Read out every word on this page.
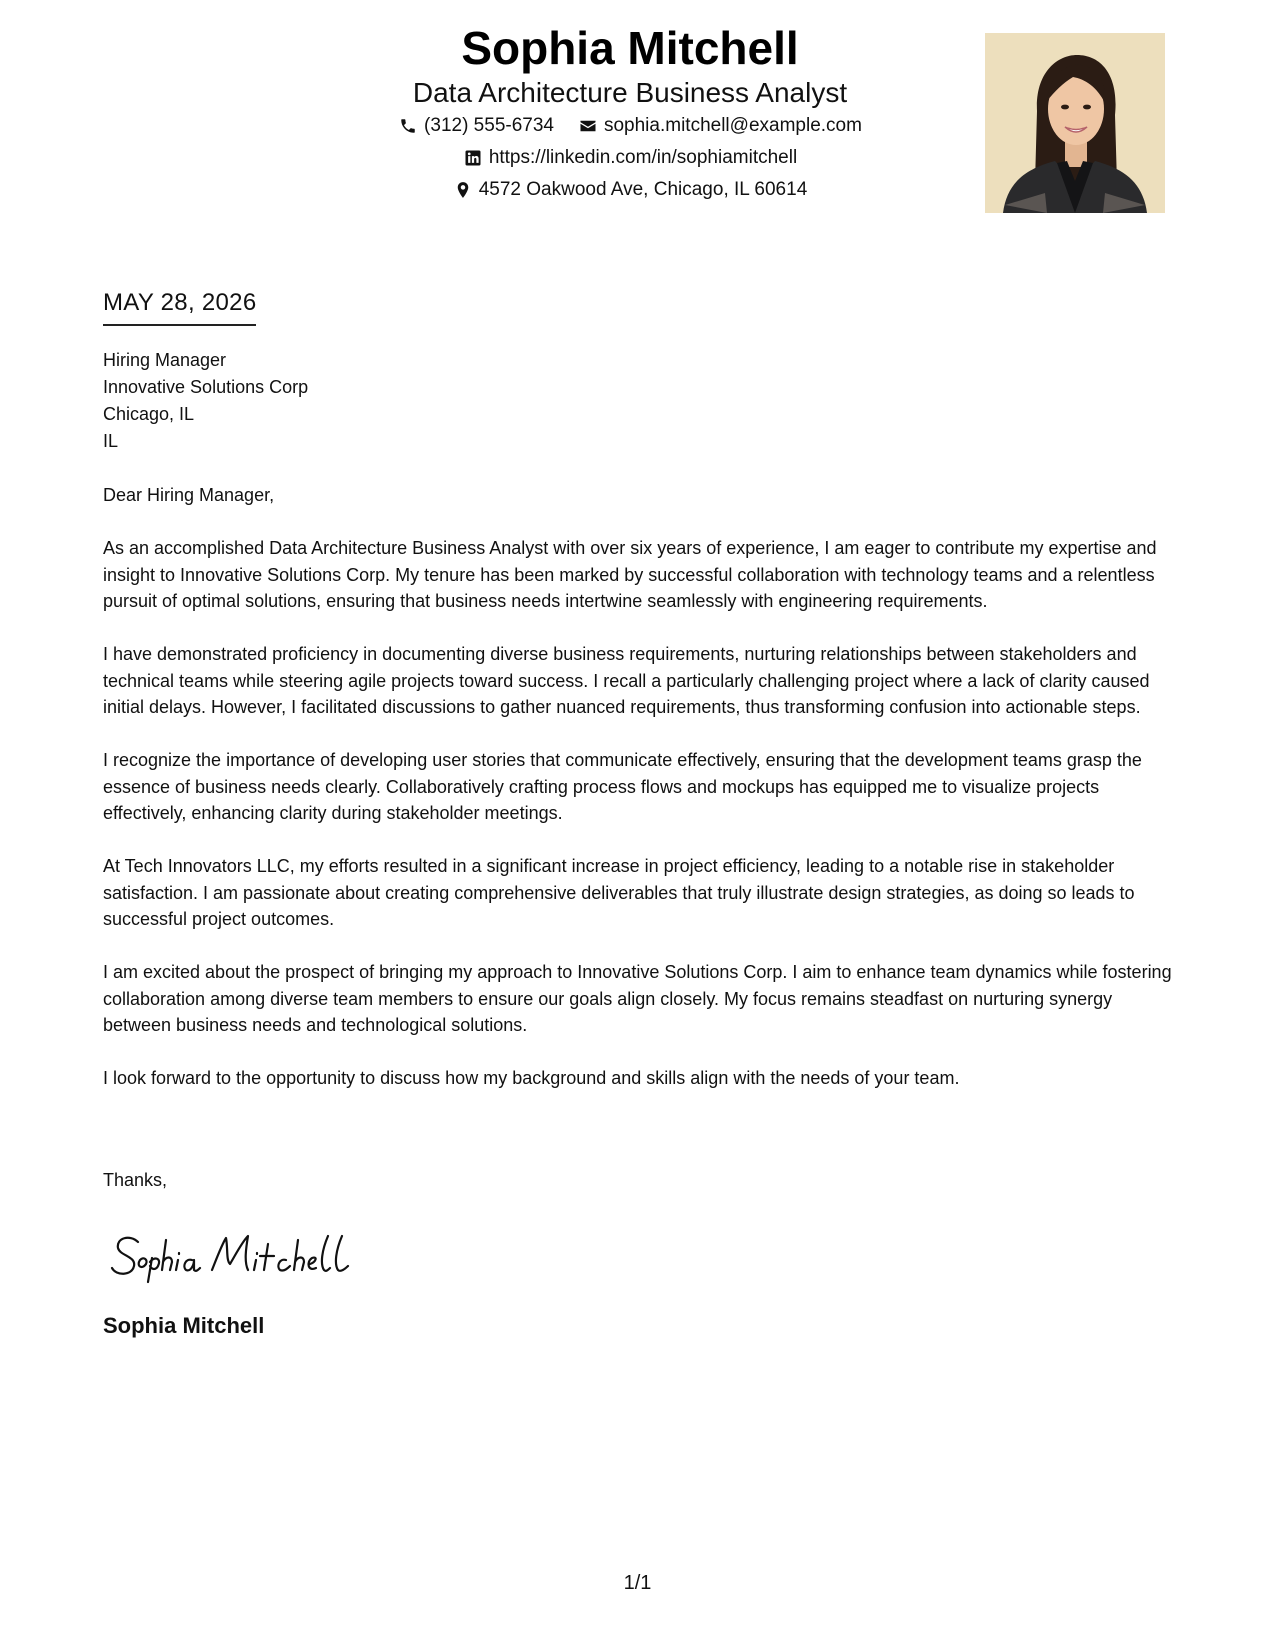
Sophia Mitchell
Data Architecture Business Analyst
(312) 555-6734	sophia.mitchell@example.com
https://linkedin.com/in/sophiamitchell
4572 Oakwood Ave, Chicago, IL 60614
MAY 28, 2026
Hiring Manager
Innovative Solutions Corp
Chicago, IL
IL

Dear Hiring Manager,

As an accomplished Data Architecture Business Analyst with over six years of experience, I am eager to contribute my expertise and insight to Innovative Solutions Corp. My tenure has been marked by successful collaboration with technology teams and a relentless pursuit of optimal solutions, ensuring that business needs intertwine seamlessly with engineering requirements.

I have demonstrated proficiency in documenting diverse business requirements, nurturing relationships between stakeholders and technical teams while steering agile projects toward success. I recall a particularly challenging project where a lack of clarity caused initial delays. However, I facilitated discussions to gather nuanced requirements, thus transforming confusion into actionable steps.

I recognize the importance of developing user stories that communicate effectively, ensuring that the development teams grasp the essence of business needs clearly. Collaboratively crafting process flows and mockups has equipped me to visualize projects effectively, enhancing clarity during stakeholder meetings.

At Tech Innovators LLC, my efforts resulted in a significant increase in project efficiency, leading to a notable rise in stakeholder satisfaction. I am passionate about creating comprehensive deliverables that truly illustrate design strategies, as doing so leads to successful project outcomes.

I am excited about the prospect of bringing my approach to Innovative Solutions Corp. I aim to enhance team dynamics while fostering collaboration among diverse team members to ensure our goals align closely. My focus remains steadfast on nurturing synergy between business needs and technological solutions.

I look forward to the opportunity to discuss how my background and skills align with the needs of your team.

Thanks,
Sophia Mitchell
1/1
